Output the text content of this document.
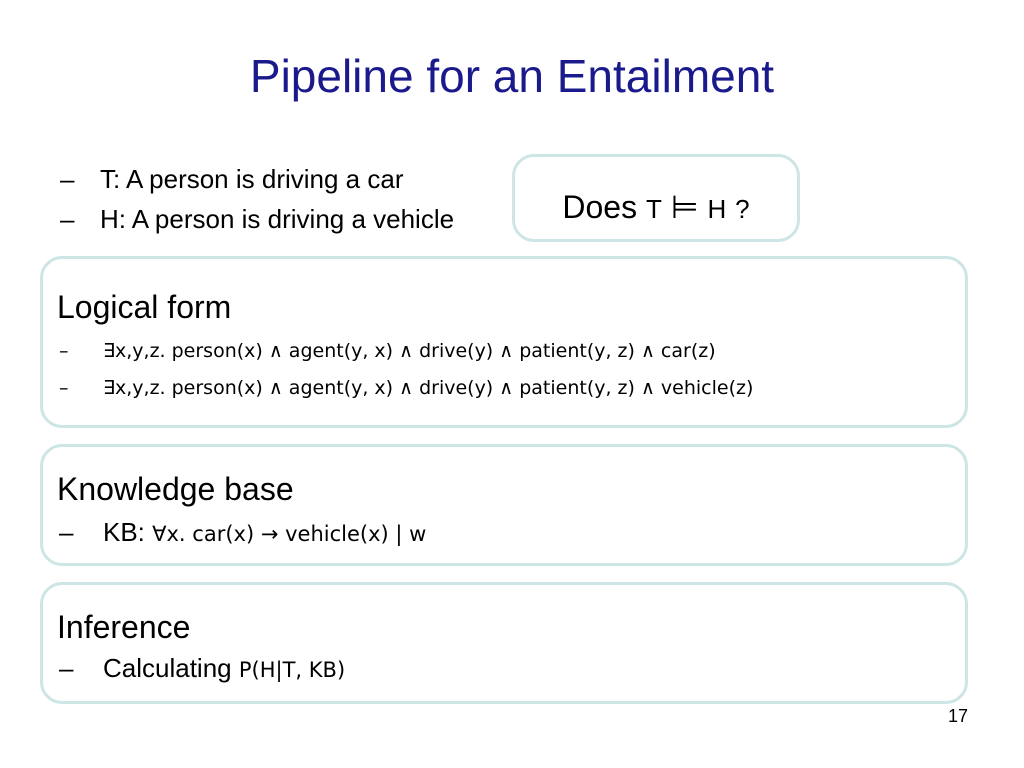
Pipeline for an Entailment
– T: A person is driving a car
– H: A person is driving a vehicle	Does T ⊨ H ?
Logical form
– ∃x,y,z. person(x) ∧ agent(y, x) ∧ drive(y) ∧ patient(y, z) ∧ car(z)
– ∃x,y,z. person(x) ∧ agent(y, x) ∧ drive(y) ∧ patient(y, z) ∧ vehicle(z)
Knowledge base
– KB: ∀x. car(x) → vehicle(x) | w
Inference
– Calculating P(H|T, KB)
17
